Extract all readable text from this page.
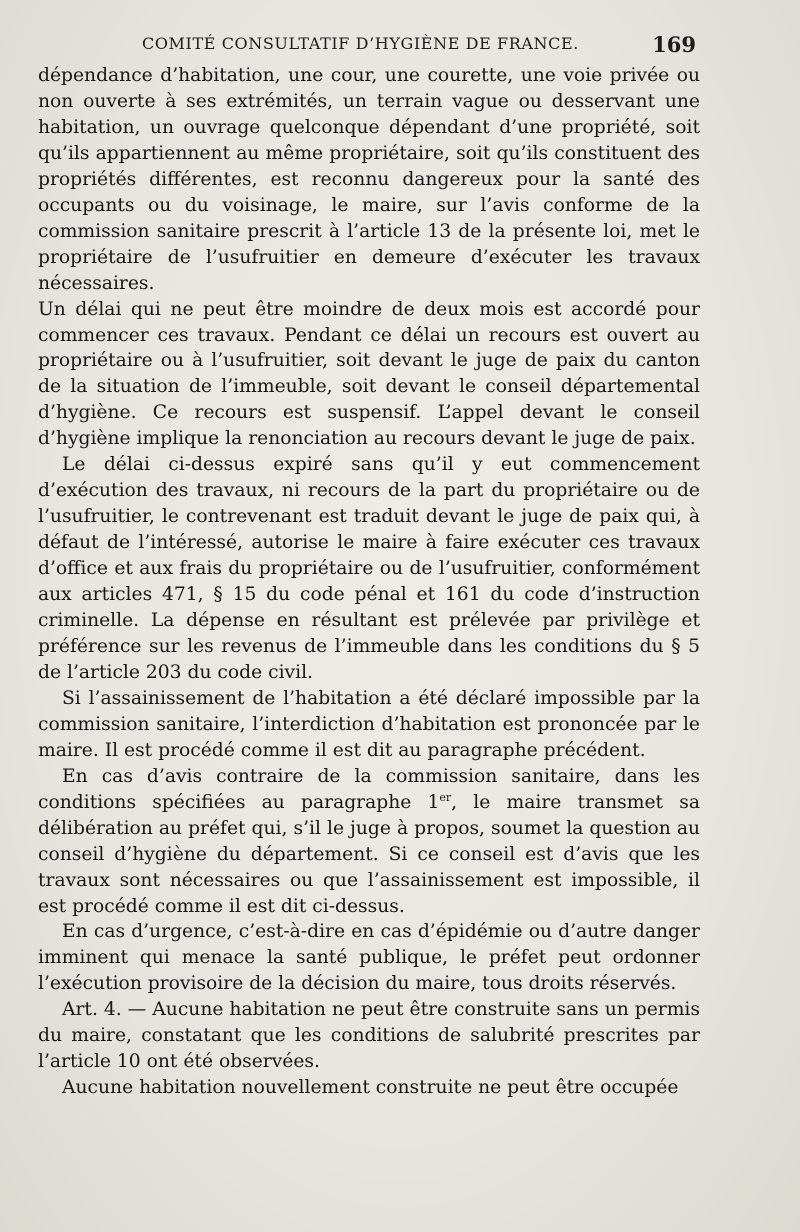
COMITÉ CONSULTATIF D’HYGIÈNE DE FRANCE.	169

dépendance d’habitation, une cour, une courette, une voie privée ou non ouverte à ses extrémités, un terrain vague ou desservant une habitation, un ouvrage quelconque dépendant d’une propriété, soit qu’ils appartiennent au même propriétaire, soit qu’ils constituent des propriétés différentes, est reconnu dangereux pour la santé des occupants ou du voisinage, le maire, sur l’avis conforme de la commission sanitaire prescrit à l’article 13 de la présente loi, met le propriétaire de l’usufruitier en demeure d’exécuter les travaux nécessaires.

Un délai qui ne peut être moindre de deux mois est accordé pour commencer ces travaux. Pendant ce délai un recours est ouvert au propriétaire ou à l’usufruitier, soit devant le juge de paix du canton de la situation de l’immeuble, soit devant le conseil départemental d’hygiène. Ce recours est suspensif. L’appel devant le conseil d’hygiène implique la renonciation au recours devant le juge de paix.

Le délai ci-dessus expiré sans qu’il y eut commencement d’exécution des travaux, ni recours de la part du propriétaire ou de l’usufruitier, le contrevenant est traduit devant le juge de paix qui, à défaut de l’intéressé, autorise le maire à faire exécuter ces travaux d’office et aux frais du propriétaire ou de l’usufruitier, conformément aux articles 471, § 15 du code pénal et 161 du code d’instruction criminelle. La dépense en résultant est prélevée par privilège et préférence sur les revenus de l’immeuble dans les conditions du § 5 de l’article 203 du code civil.

Si l’assainissement de l’habitation a été déclaré impossible par la commission sanitaire, l’interdiction d’habitation est prononcée par le maire. Il est procédé comme il est dit au paragraphe précédent.

En cas d’avis contraire de la commission sanitaire, dans les conditions spécifiées au paragraphe 1er, le maire transmet sa délibération au préfet qui, s’il le juge à propos, soumet la question au conseil d’hygiène du département. Si ce conseil est d’avis que les travaux sont nécessaires ou que l’assainissement est impossible, il est procédé comme il est dit ci-dessus.

En cas d’urgence, c’est-à-dire en cas d’épidémie ou d’autre danger imminent qui menace la santé publique, le préfet peut ordonner l’exécution provisoire de la décision du maire, tous droits réservés.

Art. 4. — Aucune habitation ne peut être construite sans un permis du maire, constatant que les conditions de salubrité prescrites par l’article 10 ont été observées.

Aucune habitation nouvellement construite ne peut être occupée
